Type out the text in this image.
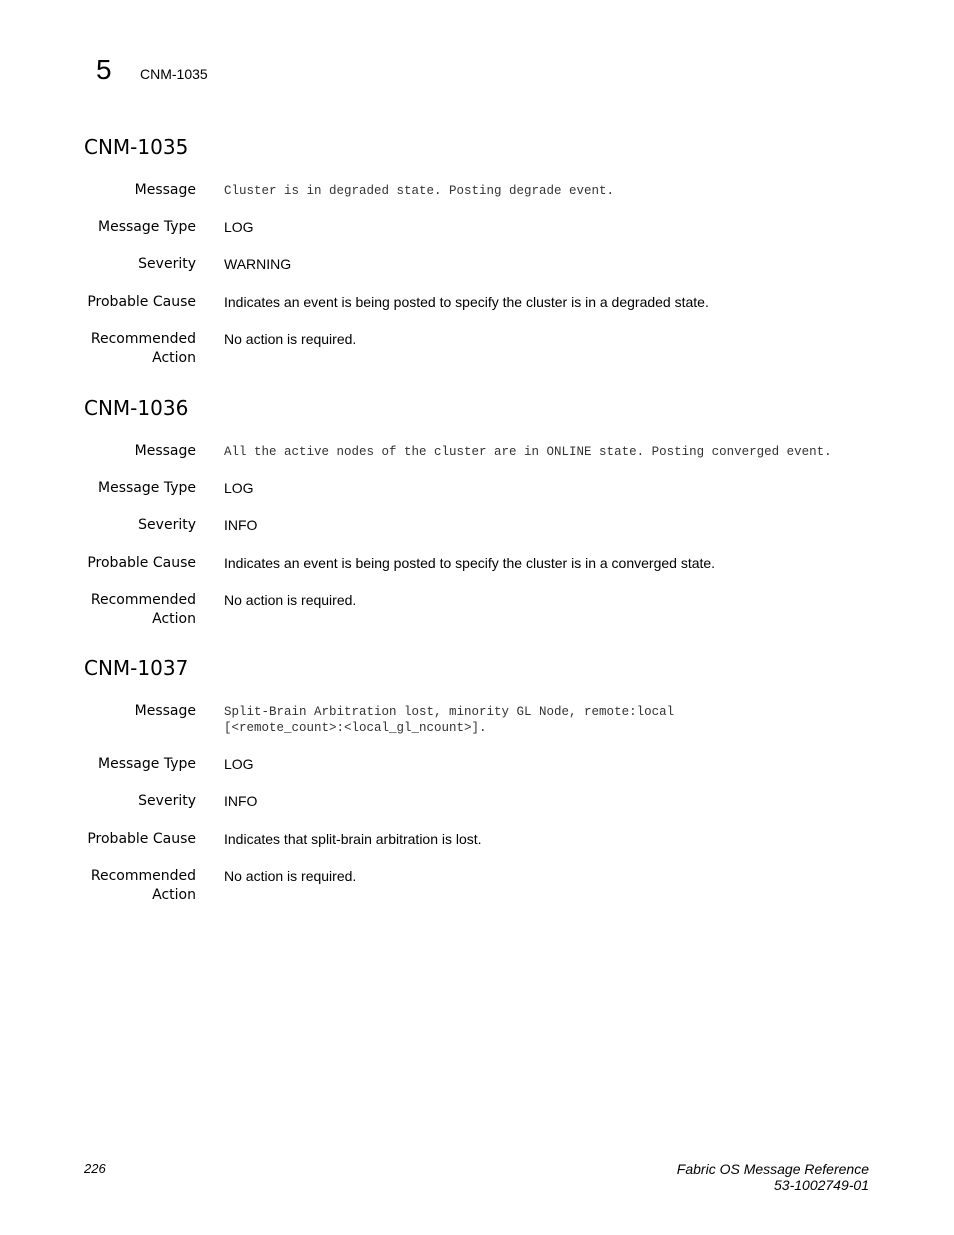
5 CNM-1035
CNM-1035
Message Cluster is in degraded state. Posting degrade event.
Message Type LOG
Severity WARNING
Probable Cause Indicates an event is being posted to specify the cluster is in a degraded state.
Recommended
Action
No action is required.
CNM-1036
Message All the active nodes of the cluster are in ONLINE state. Posting converged event.
Message Type LOG
Severity INFO
Probable Cause Indicates an event is being posted to specify the cluster is in a converged state.
Recommended
Action
No action is required.
CNM-1037
Message Split-Brain Arbitration lost, minority GL Node, remote:local
[<remote_count>:<local_gl_ncount>].
Message Type LOG
Severity INFO
Probable Cause Indicates that split-brain arbitration is lost.
Recommended
Action
No action is required.
226	Fabric OS Message Reference
53-1002749-01
